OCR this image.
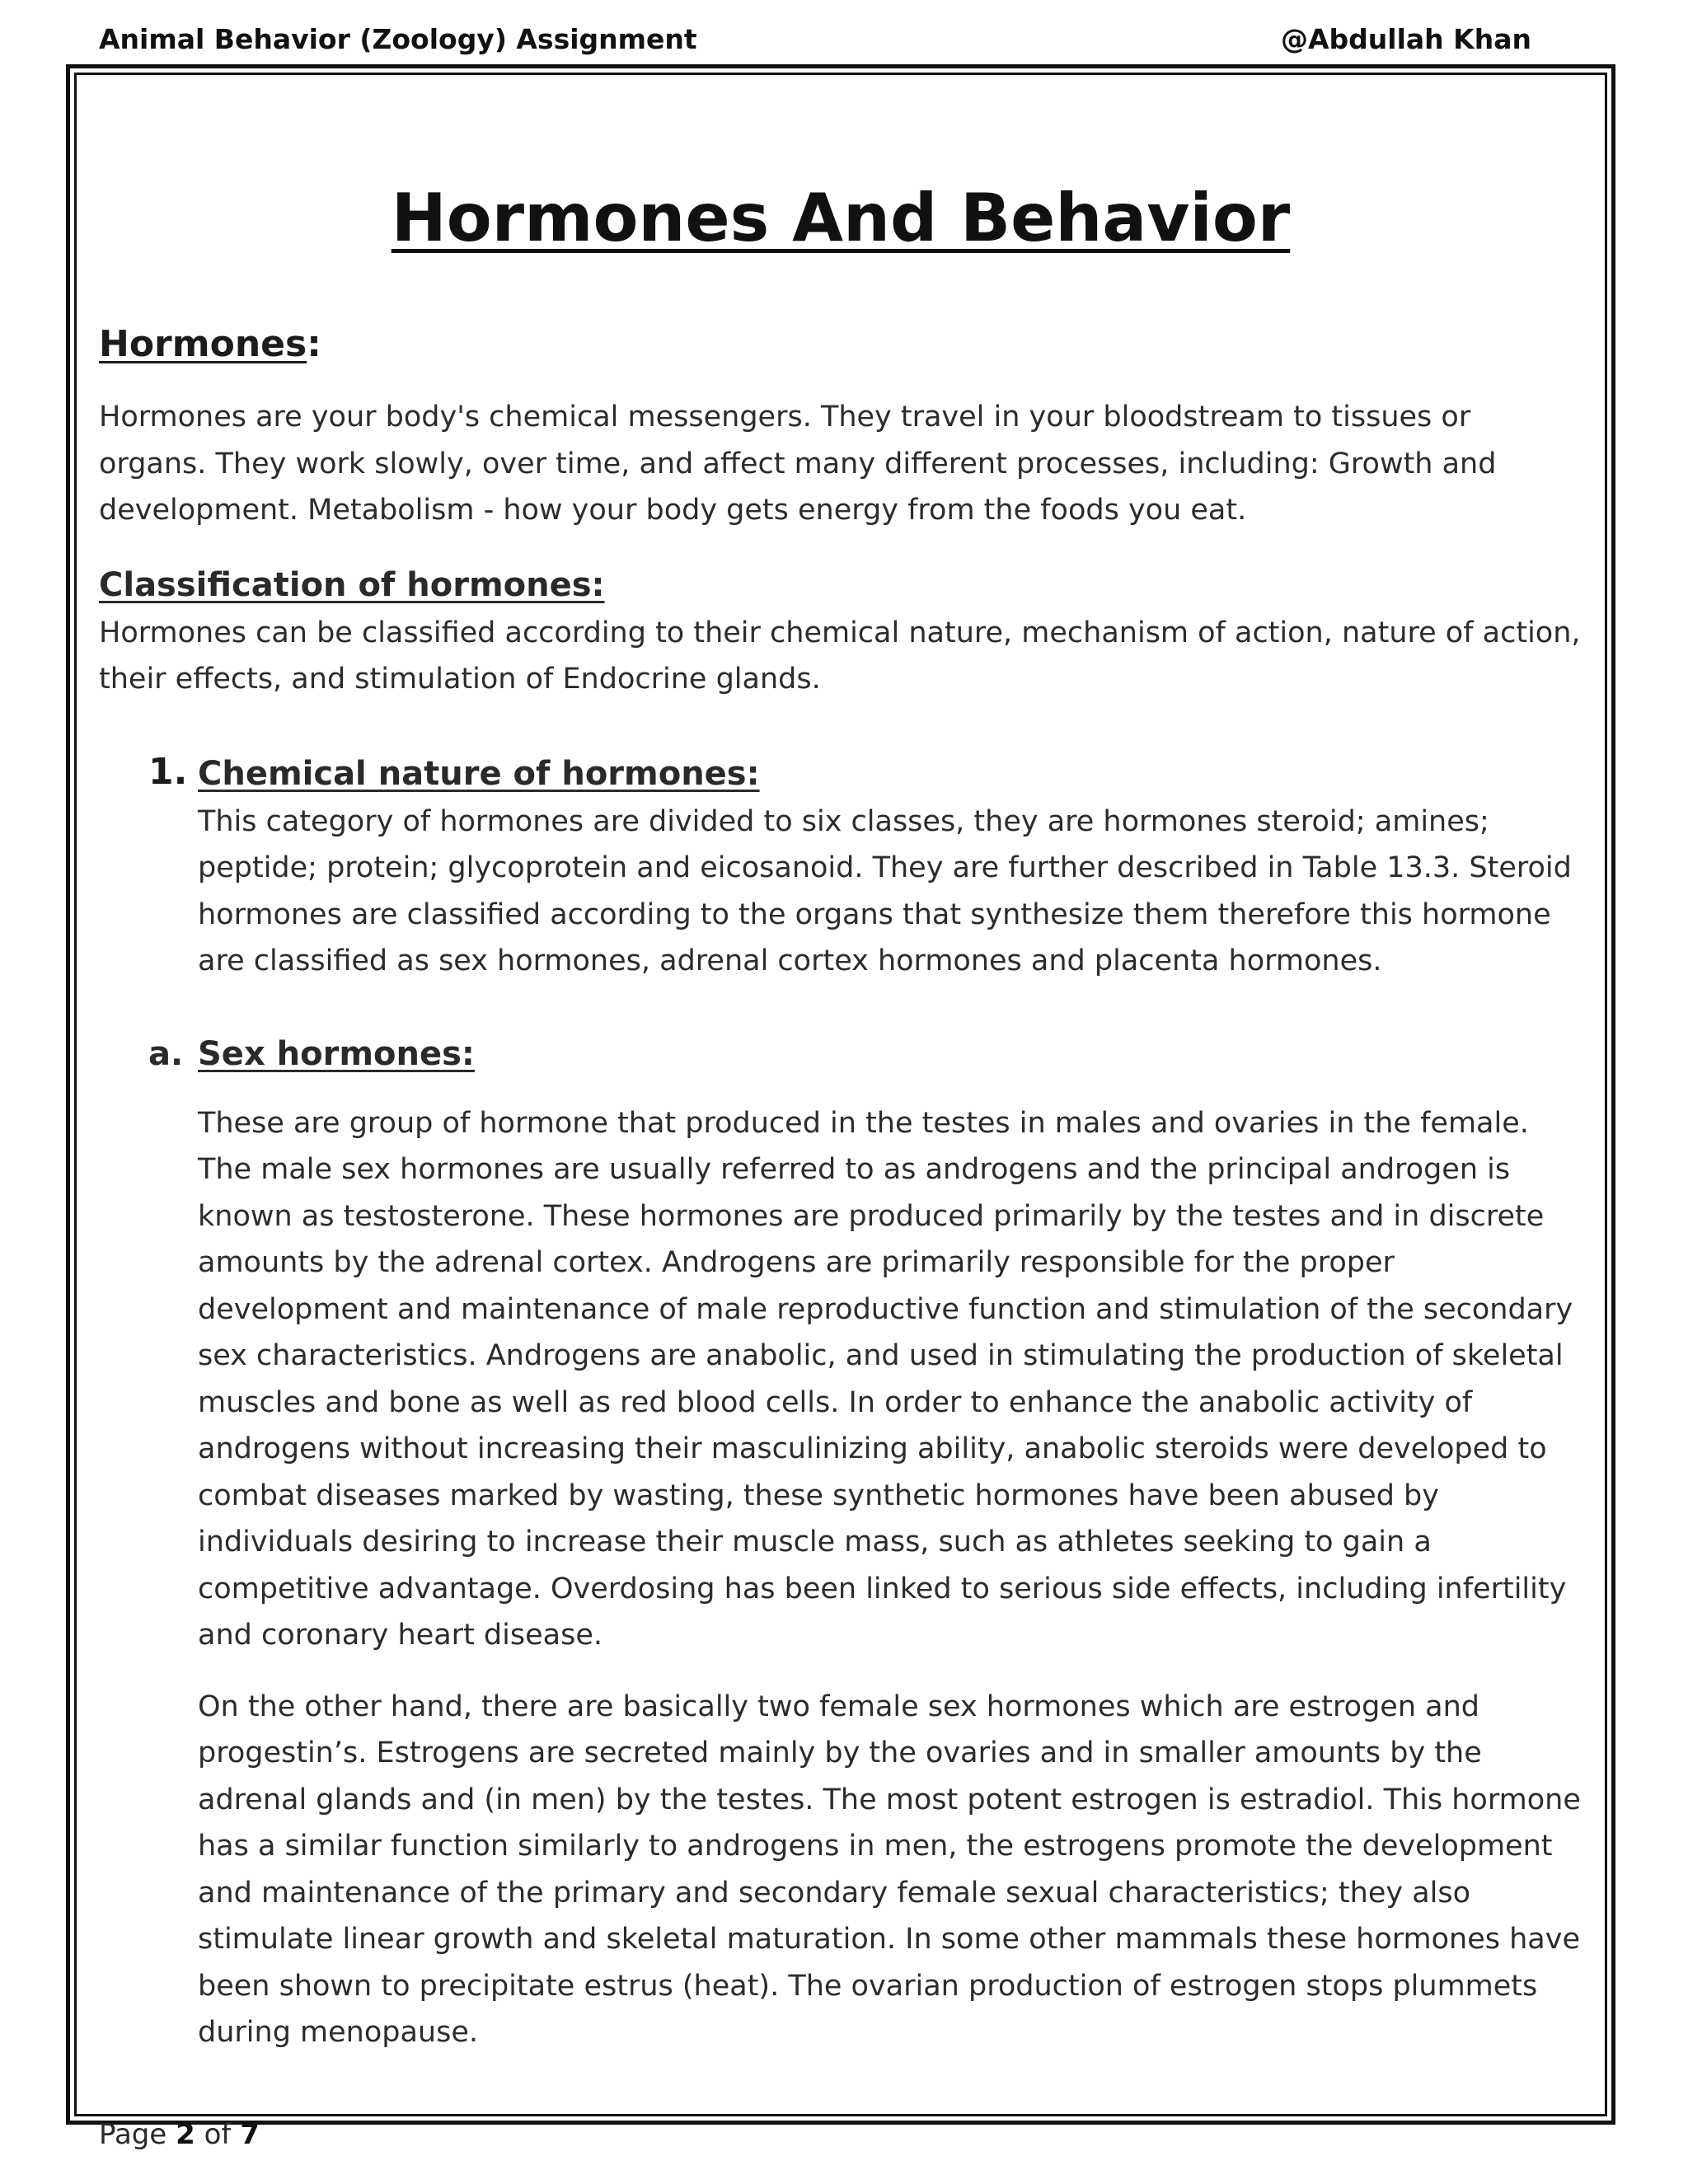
Animal Behavior (Zoology) Assignment	@Abdullah Khan

Hormones And Behavior
Hormones:

Hormones are your body's chemical messengers. They travel in your bloodstream to tissues or organs. They work slowly, over time, and affect many different processes, including: Growth and development. Metabolism - how your body gets energy from the foods you eat.

Classification of hormones:

Hormones can be classified according to their chemical nature, mechanism of action, nature of action, their effects, and stimulation of Endocrine glands.

1. Chemical nature of hormones:

This category of hormones are divided to six classes, they are hormones steroid; amines; peptide; protein; glycoprotein and eicosanoid. They are further described in Table 13.3. Steroid hormones are classified according to the organs that synthesize them therefore this hormone are classified as sex hormones, adrenal cortex hormones and placenta hormones.

a. Sex hormones:

These are group of hormone that produced in the testes in males and ovaries in the female. The male sex hormones are usually referred to as androgens and the principal androgen is known as testosterone. These hormones are produced primarily by the testes and in discrete amounts by the adrenal cortex. Androgens are primarily responsible for the proper development and maintenance of male reproductive function and stimulation of the secondary sex characteristics. Androgens are anabolic, and used in stimulating the production of skeletal muscles and bone as well as red blood cells. In order to enhance the anabolic activity of androgens without increasing their masculinizing ability, anabolic steroids were developed to combat diseases marked by wasting, these synthetic hormones have been abused by individuals desiring to increase their muscle mass, such as athletes seeking to gain a competitive advantage. Overdosing has been linked to serious side effects, including infertility and coronary heart disease.

On the other hand, there are basically two female sex hormones which are estrogen and progestin’s. Estrogens are secreted mainly by the ovaries and in smaller amounts by the adrenal glands and (in men) by the testes. The most potent estrogen is estradiol. This hormone has a similar function similarly to androgens in men, the estrogens promote the development and maintenance of the primary and secondary female sexual characteristics; they also stimulate linear growth and skeletal maturation. In some other mammals these hormones have been shown to precipitate estrus (heat). The ovarian production of estrogen stops plummets during menopause.

Page 2 of 7
